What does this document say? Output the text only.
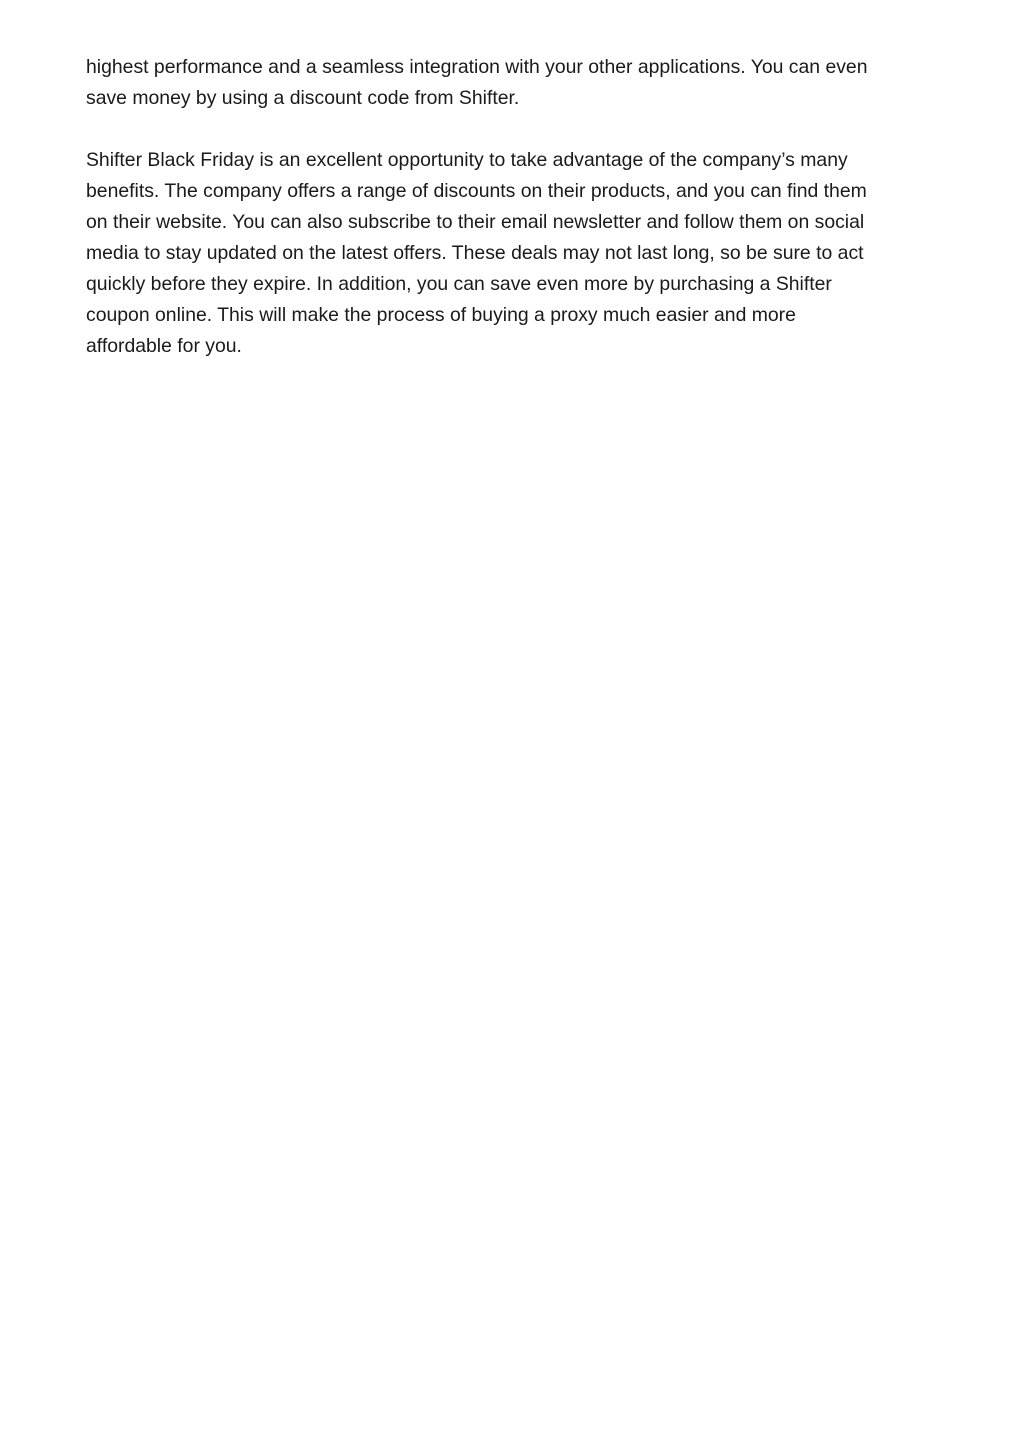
highest performance and a seamless integration with your other applications. You can even
save money by using a discount code from Shifter.

Shifter Black Friday is an excellent opportunity to take advantage of the company’s many
benefits. The company offers a range of discounts on their products, and you can find them
on their website. You can also subscribe to their email newsletter and follow them on social
media to stay updated on the latest offers. These deals may not last long, so be sure to act
quickly before they expire. In addition, you can save even more by purchasing a Shifter
coupon online. This will make the process of buying a proxy much easier and more
affordable for you.
